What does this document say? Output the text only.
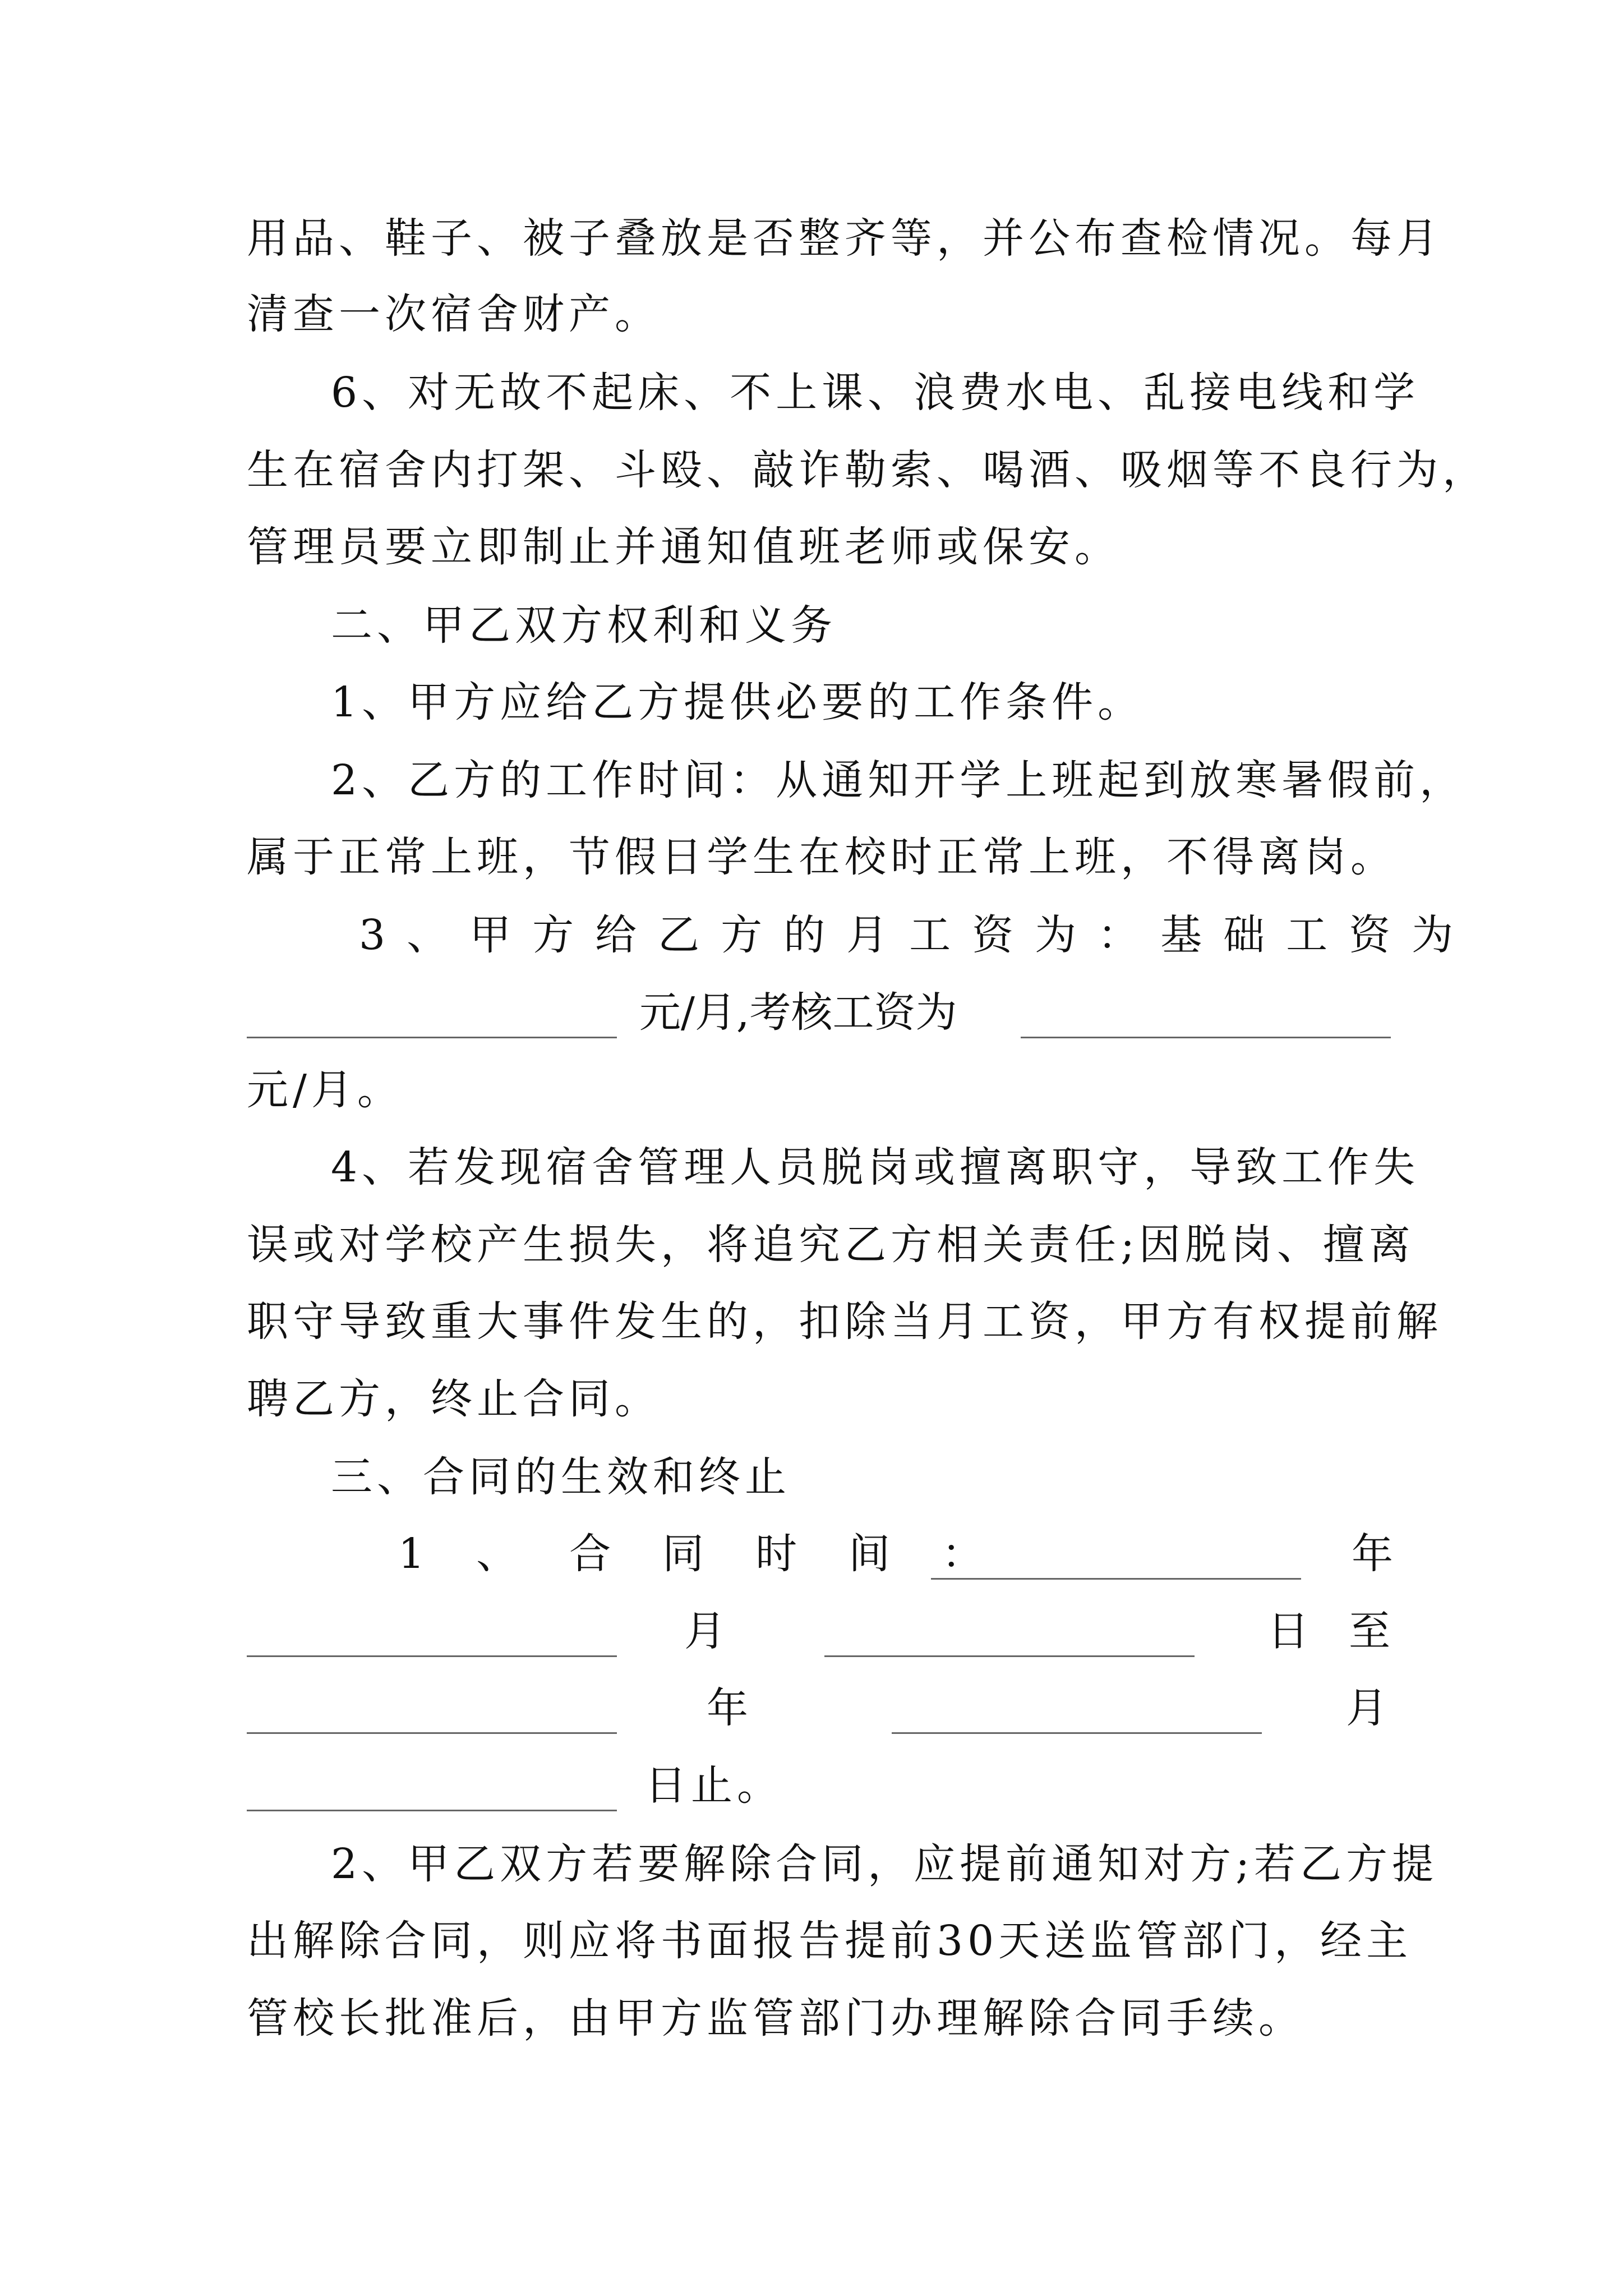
用品、鞋子、被子叠放是否整齐等，并公布查检情况。每月
清查一次宿舍财产。
6、对无故不起床、不上课、浪费水电、乱接电线和学
生在宿舍内打架、斗殴、敲诈勒索、喝酒、吸烟等不良行为，
管理员要立即制止并通知值班老师或保安。
二、甲乙双方权利和义务
1、甲方应给乙方提供必要的工作条件。
2、乙方的工作时间：从通知开学上班起到放寒暑假前，
属于正常上班，节假日学生在校时正常上班，不得离岗。
3、甲方给乙方的月工资为：基础工资为
元/月,考核工资为
元/月。
4、若发现宿舍管理人员脱岗或擅离职守，导致工作失
误或对学校产生损失，将追究乙方相关责任;因脱岗、擅离
职守导致重大事件发生的，扣除当月工资，甲方有权提前解
聘乙方，终止合同。
三、合同的生效和终止
1、合同时间：	年
月	日 至
年	月
日止。
2、甲乙双方若要解除合同，应提前通知对方;若乙方提
出解除合同，则应将书面报告提前30天送监管部门，经主
管校长批准后，由甲方监管部门办理解除合同手续。
